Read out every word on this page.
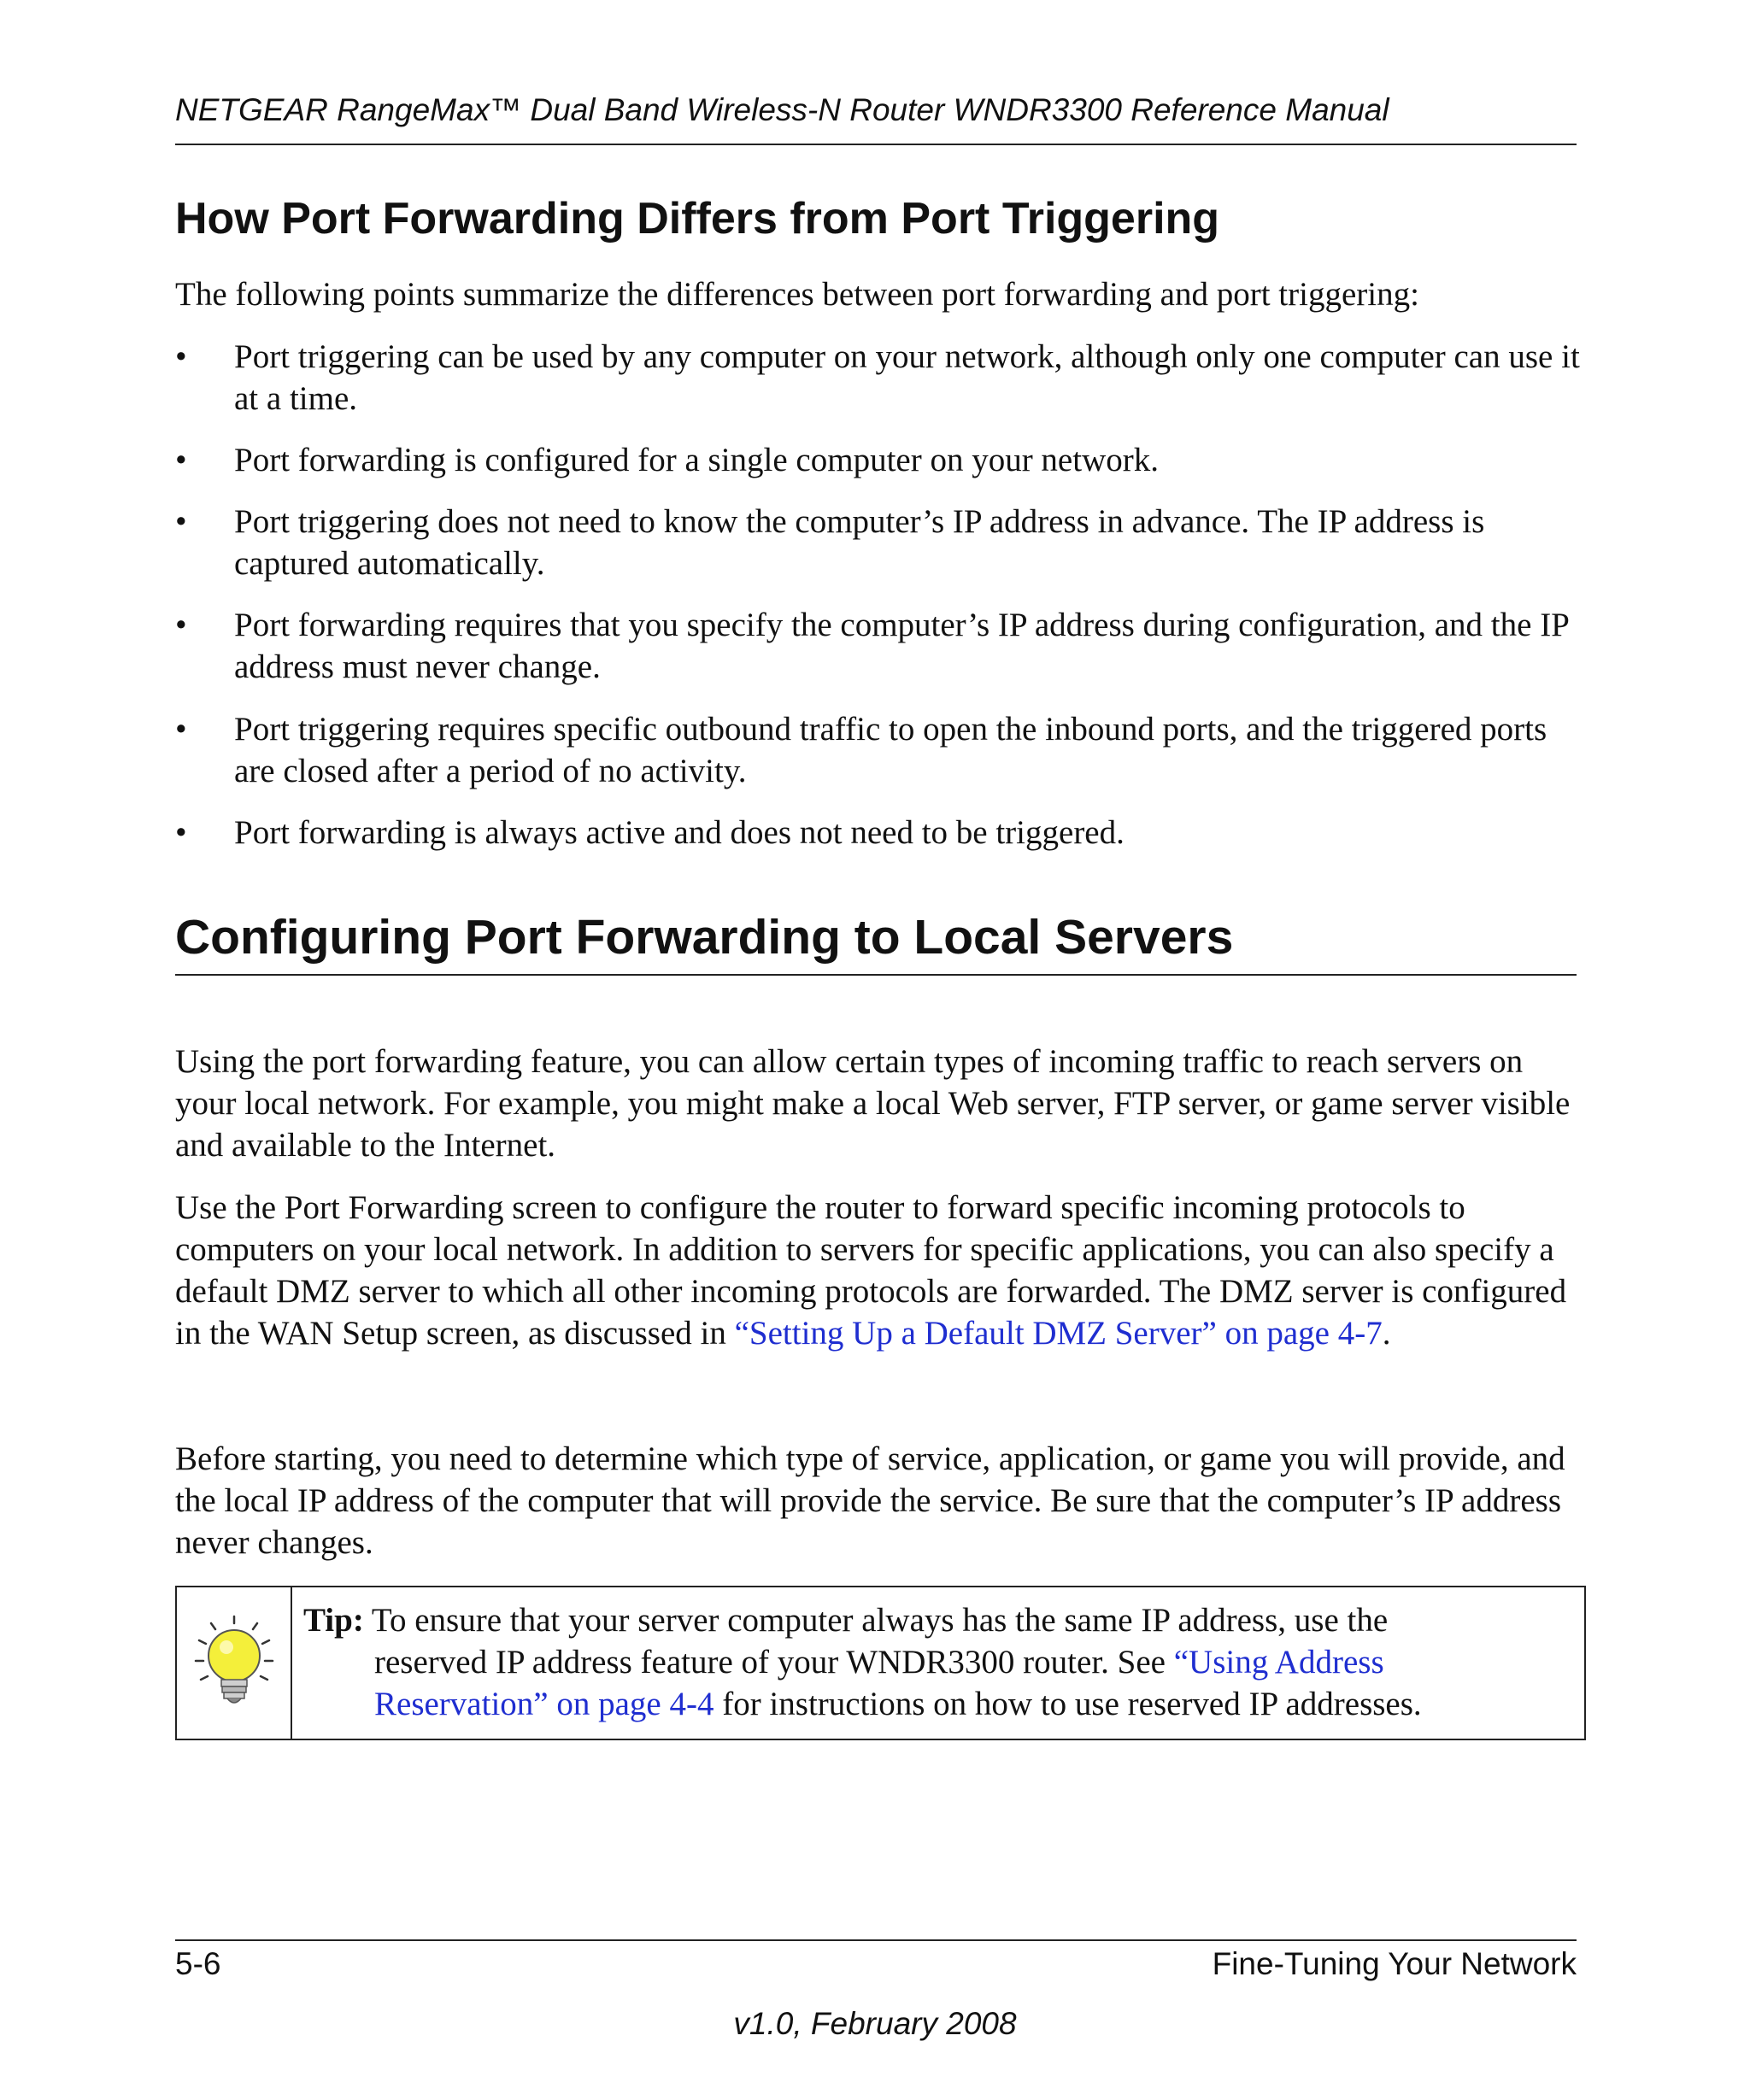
NETGEAR RangeMax™ Dual Band Wireless-N Router WNDR3300 Reference Manual
How Port Forwarding Differs from Port Triggering

The following points summarize the differences between port forwarding and port triggering:

•	Port triggering can be used by any computer on your network, although only one computer can use it at a time.
•	Port forwarding is configured for a single computer on your network.
•	Port triggering does not need to know the computer’s IP address in advance. The IP address is captured automatically.
•	Port forwarding requires that you specify the computer’s IP address during configuration, and the IP address must never change.
•	Port triggering requires specific outbound traffic to open the inbound ports, and the triggered ports are closed after a period of no activity.
•	Port forwarding is always active and does not need to be triggered.
Configuring Port Forwarding to Local Servers

Using the port forwarding feature, you can allow certain types of incoming traffic to reach servers on your local network. For example, you might make a local Web server, FTP server, or game server visible and available to the Internet.

Use the Port Forwarding screen to configure the router to forward specific incoming protocols to computers on your local network. In addition to servers for specific applications, you can also specify a default DMZ server to which all other incoming protocols are forwarded. The DMZ server is configured in the WAN Setup screen, as discussed in “Setting Up a Default DMZ Server” on page 4-7.

Before starting, you need to determine which type of service, application, or game you will provide, and the local IP address of the computer that will provide the service. Be sure that the computer’s IP address never changes.

Tip: To ensure that your server computer always has the same IP address, use the
reserved IP address feature of your WNDR3300 router. See “Using Address
Reservation” on page 4-4 for instructions on how to use reserved IP addresses.
5-6	Fine-Tuning Your Network
v1.0, February 2008
